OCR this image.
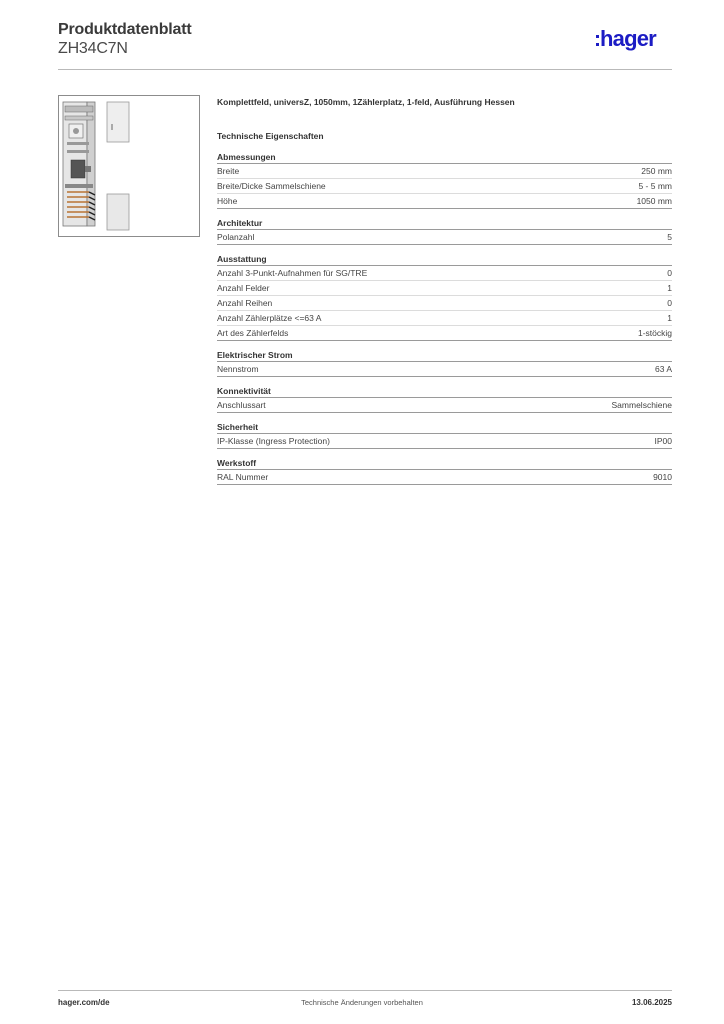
Produktdatenblatt
ZH34C7N	hager
Komplettfeld, universZ, 1050mm, 1Zählerplatz, 1-feld, Ausführung Hessen
Technische Eigenschaften
Abmessungen
Breite	250 mm
Breite/Dicke Sammelschiene	5 - 5 mm
Höhe	1050 mm
Architektur
Polanzahl	5
Ausstattung
Anzahl 3-Punkt-Aufnahmen für SG/TRE	0
Anzahl Felder	1
Anzahl Reihen	0
Anzahl Zählerplätze <=63 A	1
Art des Zählerfelds	1-stöckig
Elektrischer Strom
Nennstrom	63 A
Konnektivität
Anschlussart	Sammelschiene
Sicherheit
IP-Klasse (Ingress Protection)	IP00
Werkstoff
RAL Nummer	9010
hager.com/de	Technische Änderungen vorbehalten	13.06.2025
